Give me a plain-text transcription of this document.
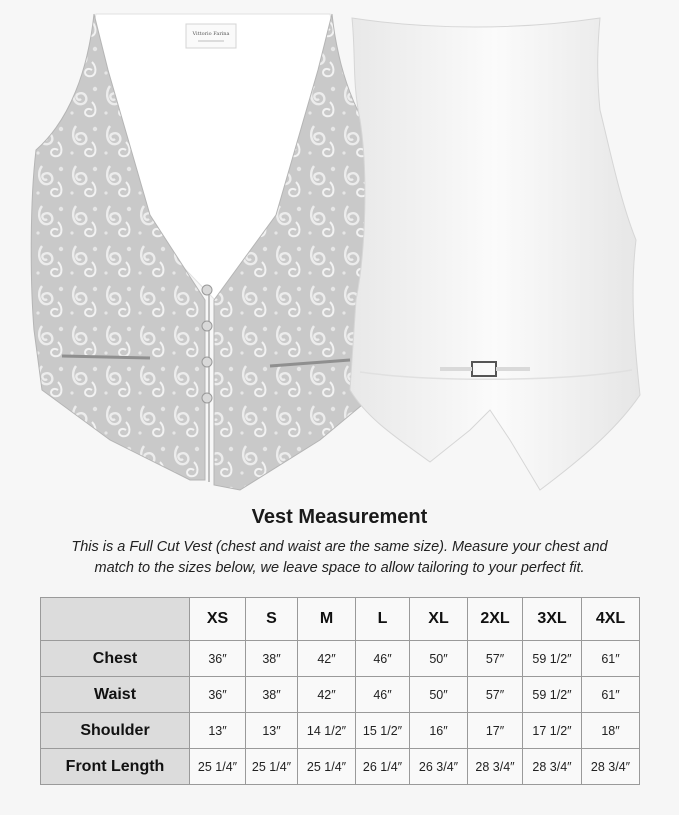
Vittorio Farina
Vest Measurement
This is a Full Cut Vest (chest and waist are the same size). Measure your chest and
match to the sizes below, we leave space to allow tailoring to your perfect fit.
	XS	S	M	L	XL	2XL	3XL	4XL
Chest	36″	38″	42″	46″	50″	57″	59 1/2″	61″
Waist	36″	38″	42″	46″	50″	57″	59 1/2″	61″
Shoulder	13″	13″	14 1/2″	15 1/2″	16″	17″	17 1/2″	18″
Front Length	25 1/4″	25 1/4″	25 1/4″	26 1/4″	26 3/4″	28 3/4″	28 3/4″	28 3/4″
